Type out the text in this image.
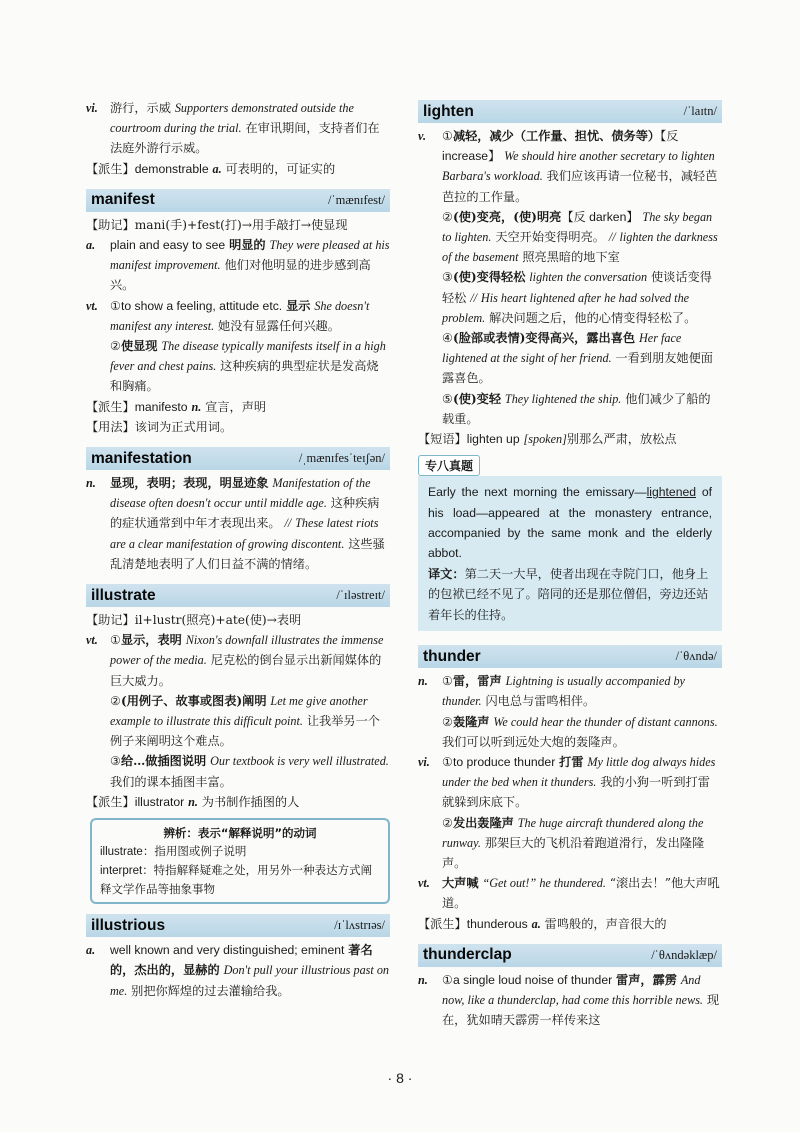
vi. 游行，示威 Supporters demonstrated outside the courtroom during the trial. 在审讯期间，支持者们在法庭外游行示威。

【派生】demonstrable a. 可表明的，可证实的

manifest	/ˈmænɪfest/

【助记】mani(手)+fest(打)→用手敲打→使显现

a. plain and easy to see 明显的 They were pleased at his manifest improvement. 他们对他明显的进步感到高兴。

vt. ①to show a feeling, attitude etc. 显示 She doesn't manifest any interest. 她没有显露任何兴趣。

②使显现 The disease typically manifests itself in a high fever and chest pains. 这种疾病的典型症状是发高烧和胸痛。

【派生】manifesto n. 宣言，声明

【用法】该词为正式用词。

manifestation	/ˌmænɪfesˈteɪʃən/

n. 显现，表明；表现，明显迹象 Manifestation of the disease often doesn't occur until middle age. 这种疾病的症状通常到中年才表现出来。 // These latest riots are a clear manifestation of growing discontent. 这些骚乱清楚地表明了人们日益不满的情绪。

illustrate	/ˈɪləstreɪt/

【助记】il+lustr(照亮)+ate(使)→表明

vt. ①显示，表明 Nixon's downfall illustrates the immense power of the media. 尼克松的倒台显示出新闻媒体的巨大威力。

②(用例子、故事或图表)阐明 Let me give another example to illustrate this difficult point. 让我举另一个例子来阐明这个难点。

③给…做插图说明 Our textbook is very well illustrated. 我们的课本插图丰富。

【派生】illustrator n. 为书制作插图的人

辨析：表示“解释说明”的动词
illustrate：指用图或例子说明
interpret：特指解释疑难之处，用另外一种表达方式阐释文学作品等抽象事物
illustrious	/ɪˈlʌstrɪəs/

a. well known and very distinguished; eminent 著名的，杰出的，显赫的 Don't pull your illustrious past on me. 别把你辉煌的过去灌输给我。

lighten	/ˈlaɪtn/

v. ①减轻，减少（工作量、担忧、债务等）【反 increase】 We should hire another secretary to lighten Barbara's workload. 我们应该再请一位秘书，减轻芭芭拉的工作量。

②(使)变亮，(使)明亮【反 darken】 The sky began to lighten. 天空开始变得明亮。 // lighten the darkness of the basement 照亮黑暗的地下室

③(使)变得轻松 lighten the conversation 使谈话变得轻松 // His heart lightened after he had solved the problem. 解决问题之后，他的心情变得轻松了。

④(脸部或表情)变得高兴，露出喜色 Her face lightened at the sight of her friend. 一看到朋友她便面露喜色。

⑤(使)变轻 They lightened the ship. 他们减少了船的载重。

【短语】lighten up [spoken]别那么严肃，放松点

专八真题
Early the next morning the emissary—lightened of his load—appeared at the monastery entrance, accompanied by the same monk and the elderly abbot.
译文：第二天一大早，使者出现在寺院门口，他身上的包袱已经不见了。陪同的还是那位僧侣，旁边还站着年长的住持。
thunder	/ˈθʌndə/

n. ①雷，雷声 Lightning is usually accompanied by thunder. 闪电总与雷鸣相伴。

②轰隆声 We could hear the thunder of distant cannons. 我们可以听到远处大炮的轰隆声。

vi. ①to produce thunder 打雷 My little dog always hides under the bed when it thunders. 我的小狗一听到打雷就躲到床底下。

②发出轰隆声 The huge aircraft thundered along the runway. 那架巨大的飞机沿着跑道滑行，发出隆隆声。

vt. 大声喊 “Get out!” he thundered. “滚出去！”他大声吼道。

【派生】thunderous a. 雷鸣般的，声音很大的

thunderclap	/ˈθʌndəklæp/

n. ①a single loud noise of thunder 雷声，霹雳 And now, like a thunderclap, had come this horrible news. 现在，犹如晴天霹雳一样传来这

· 8 ·
